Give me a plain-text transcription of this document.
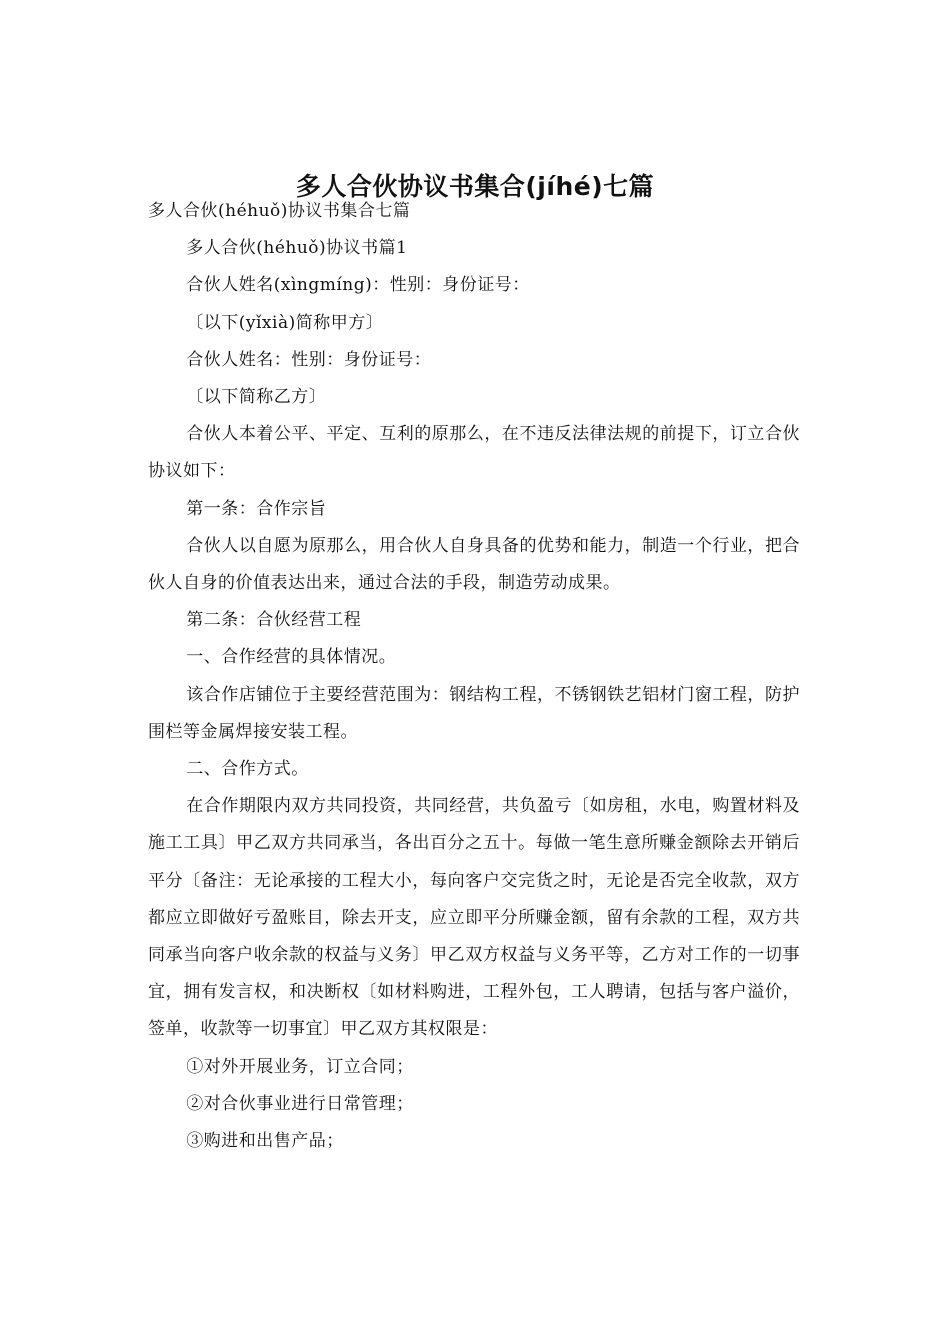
多人合伙协议书集合(jíhé)七篇

多人合伙(héhuǒ)协议书集合七篇

多人合伙(héhuǒ)协议书篇1

合伙人姓名(xìngmíng)：性别：身份证号：

〔以下(yǐxià)简称甲方〕

合伙人姓名：性别：身份证号：

〔以下简称乙方〕

合伙人本着公平、平定、互利的原那么，在不违反法律法规的前提下，订立合伙协议如下：

第一条：合作宗旨

合伙人以自愿为原那么，用合伙人自身具备的优势和能力，制造一个行业，把合伙人自身的价值表达出来，通过合法的手段，制造劳动成果。

第二条：合伙经营工程

一、合作经营的具体情况。

该合作店铺位于主要经营范围为：钢结构工程，不锈钢铁艺铝材门窗工程，防护围栏等金属焊接安装工程。

二、合作方式。

在合作期限内双方共同投资，共同经营，共负盈亏〔如房租，水电，购置材料及施工工具〕甲乙双方共同承当，各出百分之五十。每做一笔生意所赚金额除去开销后平分〔备注：无论承接的工程大小，每向客户交完货之时，无论是否完全收款，双方都应立即做好亏盈账目，除去开支，应立即平分所赚金额，留有余款的工程，双方共同承当向客户收余款的权益与义务〕甲乙双方权益与义务平等，乙方对工作的一切事宜，拥有发言权，和决断权〔如材料购进，工程外包，工人聘请，包括与客户溢价，签单，收款等一切事宜〕甲乙双方其权限是：

①对外开展业务，订立合同；

②对合伙事业进行日常管理；

③购进和出售产品；
